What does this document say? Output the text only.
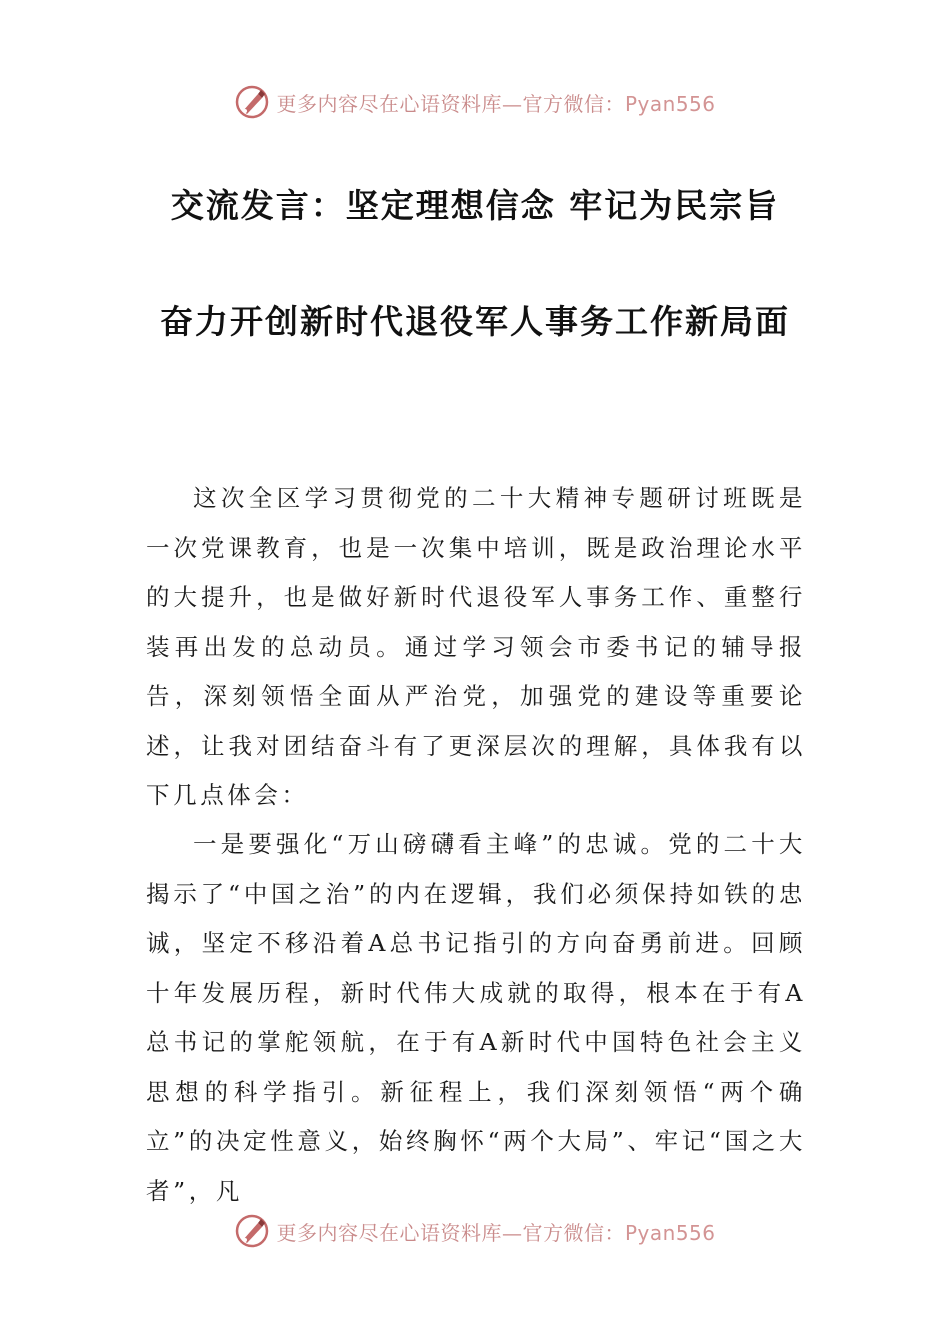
更多内容尽在心语资料库—官方微信：Pyan556
交流发言：坚定理想信念 牢记为民宗旨
奋力开创新时代退役军人事务工作新局面

这次全区学习贯彻党的二十大精神专题研讨班既是一次党课教育，也是一次集中培训，既是政治理论水平的大提升，也是做好新时代退役军人事务工作、重整行装再出发的总动员。通过学习领会市委书记的辅导报告，深刻领悟全面从严治党，加强党的建设等重要论述，让我对团结奋斗有了更深层次的理解，具体我有以下几点体会：

一是要强化“万山磅礴看主峰”的忠诚。党的二十大揭示了“中国之治”的内在逻辑，我们必须保持如铁的忠诚，坚定不移沿着A总书记指引的方向奋勇前进。回顾十年发展历程，新时代伟大成就的取得，根本在于有A总书记的掌舵领航，在于有A新时代中国特色社会主义思想的科学指引。新征程上，我们深刻领悟“两个确立”的决定性意义，始终胸怀“两个大局”、牢记“国之大者”，凡

更多内容尽在心语资料库—官方微信：Pyan556
